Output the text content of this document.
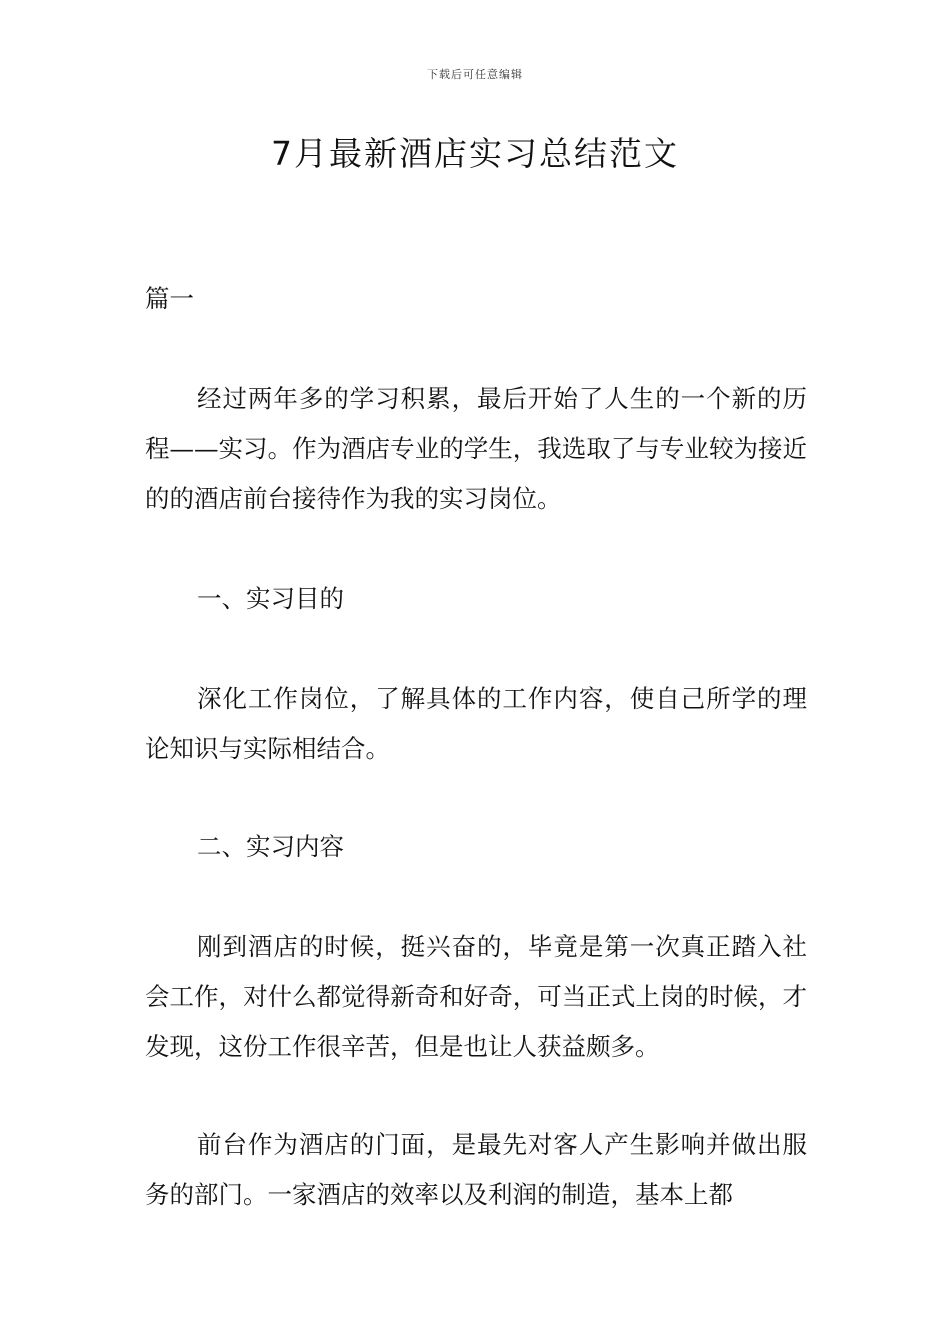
下载后可任意编辑
7月最新酒店实习总结范文

篇一

经过两年多的学习积累，最后开始了人生的一个新的历程——实习。作为酒店专业的学生，我选取了与专业较为接近的的酒店前台接待作为我的实习岗位。

一、实习目的

深化工作岗位，了解具体的工作内容，使自己所学的理论知识与实际相结合。

二、实习内容

刚到酒店的时候，挺兴奋的，毕竟是第一次真正踏入社会工作，对什么都觉得新奇和好奇，可当正式上岗的时候，才发现，这份工作很辛苦，但是也让人获益颇多。

前台作为酒店的门面，是最先对客人产生影响并做出服务的部门。一家酒店的效率以及利润的制造，基本上都
